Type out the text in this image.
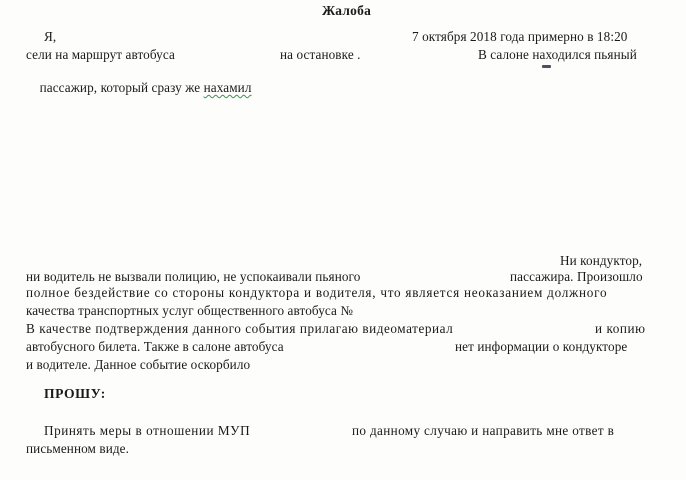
Жалоба
Я,	7 октября 2018 года примерно в 18:20
сели на маршрут автобуса	на остановке .	В салоне находился пьяный

пассажир, который сразу же нахамил

Ни кондуктор,
ни водитель не вызвали полицию, не успокаивали пьяного	пассажира. Произошло
полное бездействие со стороны кондуктора и водителя, что является неоказанием должного
качества транспортных услуг общественного автобуса №
В качестве подтверждения данного события прилагаю видеоматериал	и копию
автобусного билета. Также в салоне автобуса	нет информации о кондукторе
и водителе. Данное событие оскорбило
ПРОШУ:
Принять меры в отношении МУП	по данному случаю и направить мне ответ в
письменном виде.
